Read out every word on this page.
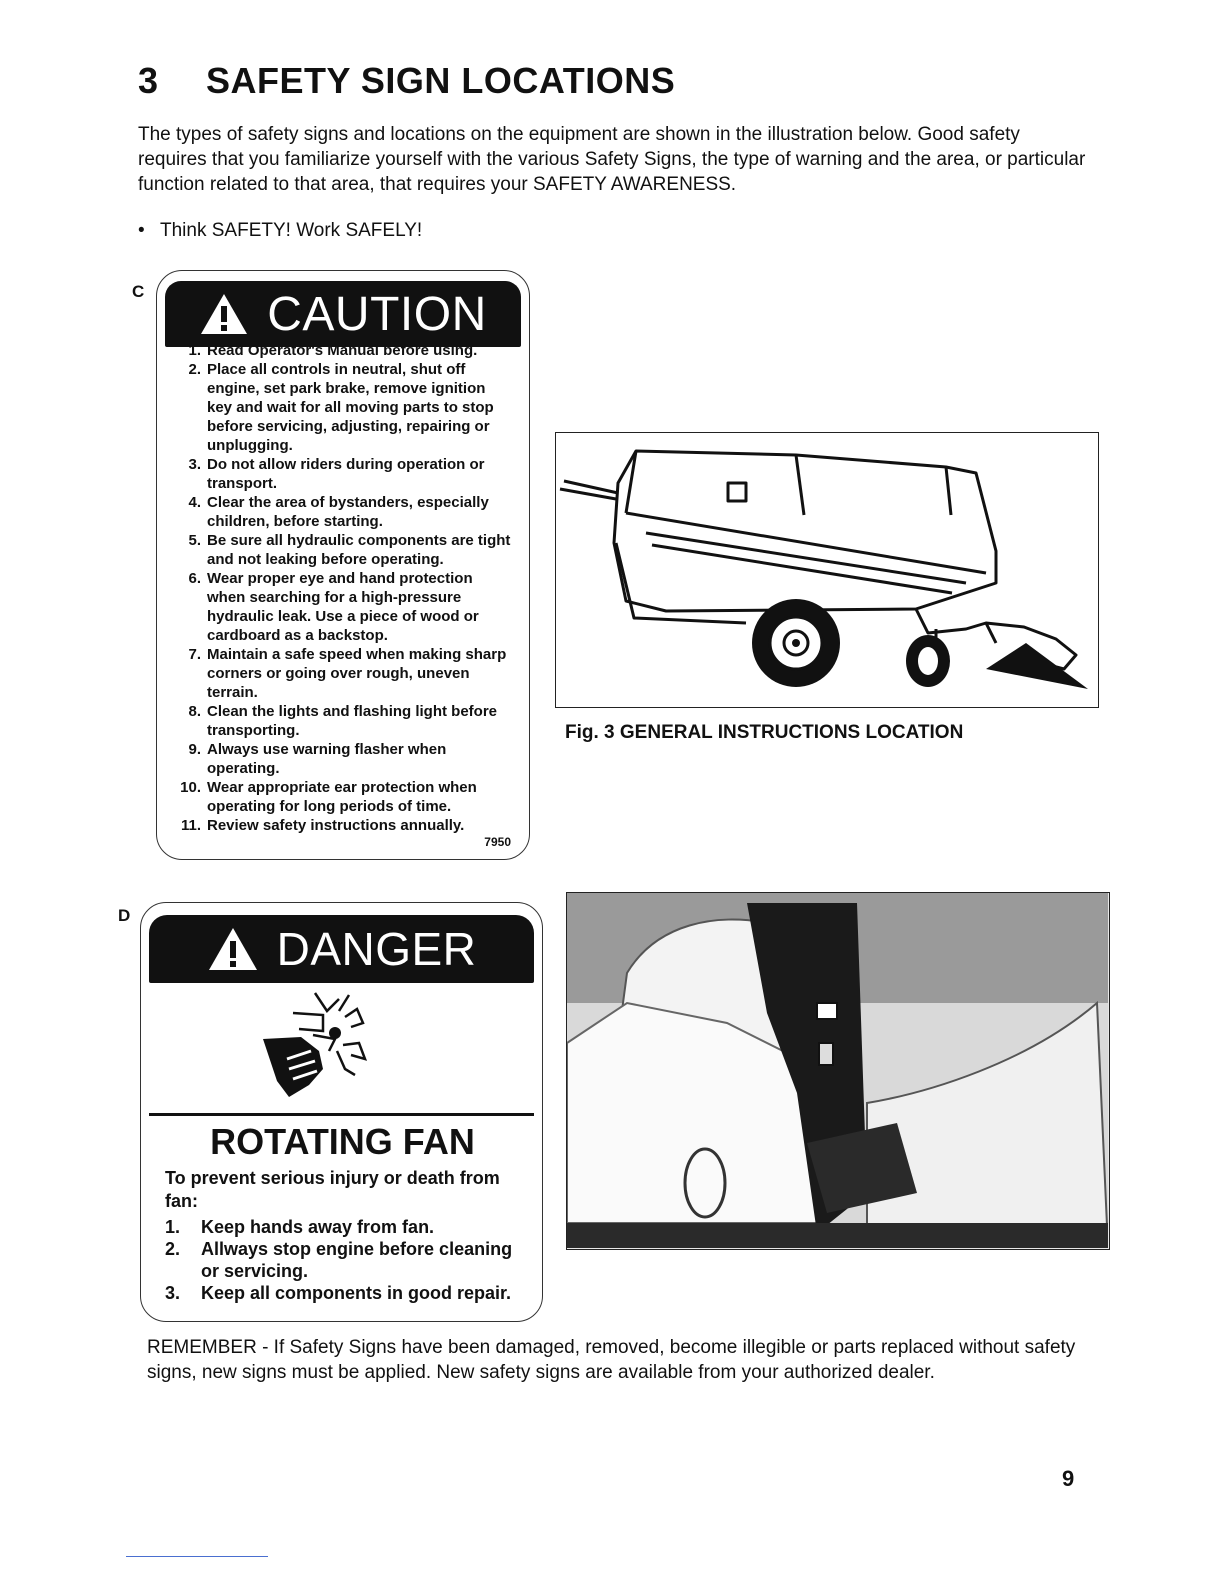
3 SAFETY SIGN LOCATIONS
The types of safety signs and locations on the equipment are shown in the illustration below. Good safety requires that you familiarize yourself with the various Safety Signs, the type of warning and the area, or particular function related to that area, that requires your SAFETY AWARENESS.
• Think SAFETY! Work SAFELY!
C	CAUTION
1. Read Operator's Manual before using.
2. Place all controls in neutral, shut off engine, set park brake, remove ignition key and wait for all moving parts to stop before servicing, adjusting, repairing or unplugging.
3. Do not allow riders during operation or transport.
4. Clear the area of bystanders, especially children, before starting.
5. Be sure all hydraulic components are tight and not leaking before operating.
6. Wear proper eye and hand protection when searching for a high-pressure hydraulic leak. Use a piece of wood or cardboard as a backstop.
7. Maintain a safe speed when making sharp corners or going over rough, uneven terrain.
8. Clean the lights and flashing light before transporting.
9. Always use warning flasher when operating.
10. Wear appropriate ear protection when operating for long periods of time.
11. Review safety instructions annually.
7950
Fig. 3 GENERAL INSTRUCTIONS LOCATION
D
DANGER
ROTATING FAN
To prevent serious injury or death from fan:
1.	Keep hands away from fan.
2.	Allways stop engine before cleaning or servicing.
3.	Keep all components in good repair.
REMEMBER - If Safety Signs have been damaged, removed, become illegible or parts replaced without safety signs, new signs must be applied. New safety signs are available from your authorized dealer.
9
